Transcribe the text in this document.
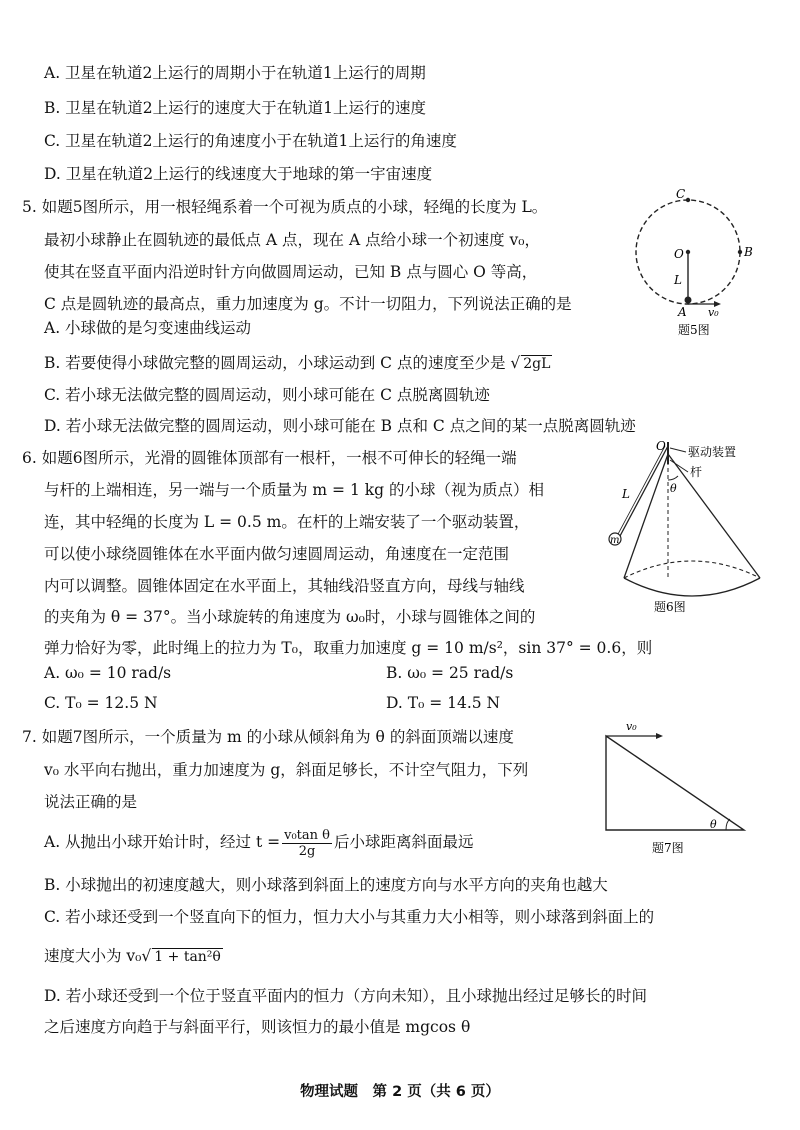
A. 卫星在轨道2上运行的周期小于在轨道1上运行的周期
B. 卫星在轨道2上运行的速度大于在轨道1上运行的速度
C. 卫星在轨道2上运行的角速度小于在轨道1上运行的角速度
D. 卫星在轨道2上运行的线速度大于地球的第一宇宙速度
5. 如题5图所示，用一根轻绳系着一个可视为质点的小球，轻绳的长度为 L。
最初小球静止在圆轨迹的最低点 A 点，现在 A 点给小球一个初速度 v₀，
使其在竖直平面内沿逆时针方向做圆周运动，已知 B 点与圆心 O 等高，
C 点是圆轨迹的最高点，重力加速度为 g。不计一切阻力，下列说法正确的是
A. 小球做的是匀变速曲线运动
B. 若要使得小球做完整的圆周运动，小球运动到 C 点的速度至少是 √ 2gL
C. 若小球无法做完整的圆周运动，则小球可能在 C 点脱离圆轨迹
D. 若小球无法做完整的圆周运动，则小球可能在 B 点和 C 点之间的某一点脱离圆轨迹
C
O	B
L
A v₀
题5图
6. 如题6图所示，光滑的圆锥体顶部有一根杆，一根不可伸长的轻绳一端
与杆的上端相连，另一端与一个质量为 m = 1 kg 的小球（视为质点）相
连，其中轻绳的长度为 L = 0.5 m。在杆的上端安装了一个驱动装置，
可以使小球绕圆锥体在水平面内做匀速圆周运动，角速度在一定范围
内可以调整。圆锥体固定在水平面上，其轴线沿竖直方向，母线与轴线
的夹角为 θ = 37°。当小球旋转的角速度为 ω₀时，小球与圆锥体之间的
弹力恰好为零，此时绳上的拉力为 T₀，取重力加速度 g = 10 m/s²，sin 37° = 0.6，则
A. ω₀ = 10 rad/s	B. ω₀ = 25 rad/s
C. T₀ = 12.5 N	D. T₀ = 14.5 N
O 驱动装置
杆
L	θ
m
题6图
7. 如题7图所示，一个质量为 m 的小球从倾斜角为 θ 的斜面顶端以速度
v₀ 水平向右抛出，重力加速度为 g，斜面足够长，不计空气阻力，下列
说法正确的是
A. 从抛出小球开始计时，经过 $t = \frac{\text{v₀tan θ}}{2g}$ 后小球距离斜面最远
B. 小球抛出的初速度越大，则小球落到斜面上的速度方向与水平方向的夹角也越大
C. 若小球还受到一个竖直向下的恒力，恒力大小与其重力大小相等，则小球落到斜面上的
速度大小为 v₀√ 1 + tan²θ
D. 若小球还受到一个位于竖直平面内的恒力（方向未知），且小球抛出经过足够长的时间
之后速度方向趋于与斜面平行，则该恒力的最小值是 mgcos θ
v₀
θ
题7图
物理试题　第 2 页（共 6 页）
